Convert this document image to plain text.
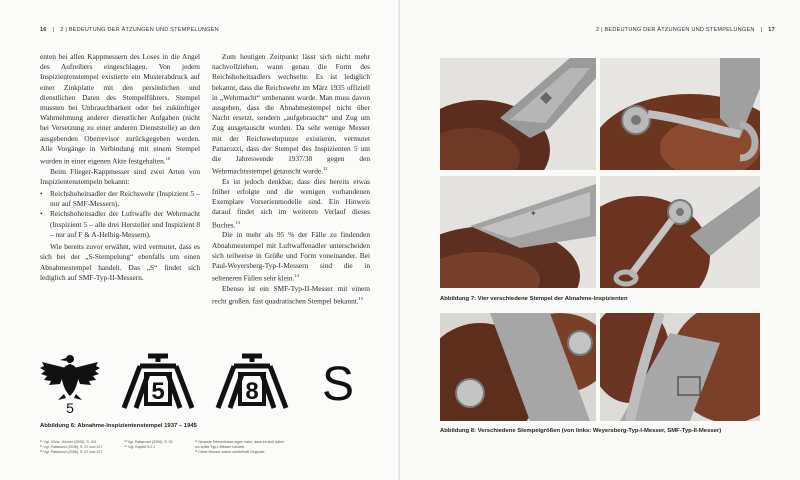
16 | 2 | BEDEUTUNG DER ÄTZUNGEN UND STEMPELUNGEN

enten bei allen Kappmessern des Loses in die Angel des Aufreibers eingeschlagen. Von jedem Inspizientenstempel existierte ein Musterabdruck auf einer Zinkplatte mit den persönlichen und dienstlichen Daten des Stempelführers. Stempel mussten bei Unbrauchbarkeit oder bei zukünftiger Wahrnehmung anderer dienstlicher Aufgaben (nicht bei Versetzung zu einer anderen Dienststelle) an den ausgebenden Oberrevisor zurückgegeben werden. Alle Vorgänge in Verbindung mit einem Stempel wurden in einer eigenen Akte festgehalten.$^{10}$

Beim Flieger-Kappmesser sind zwei Arten von Inspizientenstempeln bekannt:

• Reichshoheitsadler der Reichswehr (Inspizient 5 – nur auf SMF-Messern),
• Reichshoheitsadler der Luftwaffe der Wehrmacht (Inspizient 5 – alle drei Hersteller und Inspizient 8 – nur auf F & A-Helbig-Messern).

Wie bereits zuvor erwähnt, wird vermutet, dass es sich bei der „S-Stempelung“ ebenfalls um einen Abnahmestempel handelt. Das „S“ findet sich lediglich auf SMF-Typ-II-Messern.

Zum heutigen Zeitpunkt lässt sich nicht mehr nachvollziehen, wann genau die Form des Reichshoheitsadlers wechselte. Es ist lediglich bekannt, dass die Reichswehr im März 1935 offiziell in „Wehrmacht“ umbenannt wurde. Man muss davon ausgehen, dass die Abnahmestempel nicht über Nacht ersetzt, sondern „aufgebraucht“ und Zug um Zug ausgetauscht wurden. Da sehr wenige Messer mit der Reichswehrpunze existieren, vermutet Pattarozzi, dass der Stempel des Inspizienten 5 um die Jahreswende 1937/38 gegen den Wehrmachtsstempel getauscht wurde.$^{12}$

Es ist jedoch denkbar, dass dies bereits etwas früher erfolgte und die wenigen vorhandenen Exemplare Vorserienmodelle sind. Ein Hinweis darauf findet sich im weiteren Verlauf dieses Buches.$^{13}$

Die in mehr als 95 % der Fälle zu findenden Abnahmestempel mit Luftwaffenadler unterscheiden sich teilweise in Größe und Form voneinander. Bei Paul-Weyersberg-Typ-I-Messern sind die in selteneren Fällen sehr klein.$^{14}$

Ebenso ist ein SMF-Typ-II-Messer mit einem recht großen, fast quadratischen Stempel bekannt.$^{15}$

5
5	8 S
Abbildung 6: Abnahme-Inspizientenstempel 1937 – 1945
¹⁰ Vgl. Görtz, Höcker (2005), S. 401
¹¹ Vgl. Pattarozzi (2006), S. 57 und 107
¹² Vgl. Pattarozzi (2006), S. 57 und 107
¹³ Vgl. Pattarozzi (2006), S. 53
¹⁴ Vgl. Kapitel 5.2.1
¹⁵ Neueste Erkenntnisse legen nahe, dass es sich dabei
um späte Typ-I-Messer handelt.
¹⁶ Diese Messer waren zweifelhaft Originale.
2 | BEDEUTUNG DER ÄTZUNGEN UND STEMPELUNGEN | 17
✦
Abbildung 7: Vier verschiedene Stempel der Abnahme-Inspizienten
Abbildung 8: Verschiedene Stempelgrößen (von links: Weyersberg-Typ-I-Messer, SMF-Typ-II-Messer)
